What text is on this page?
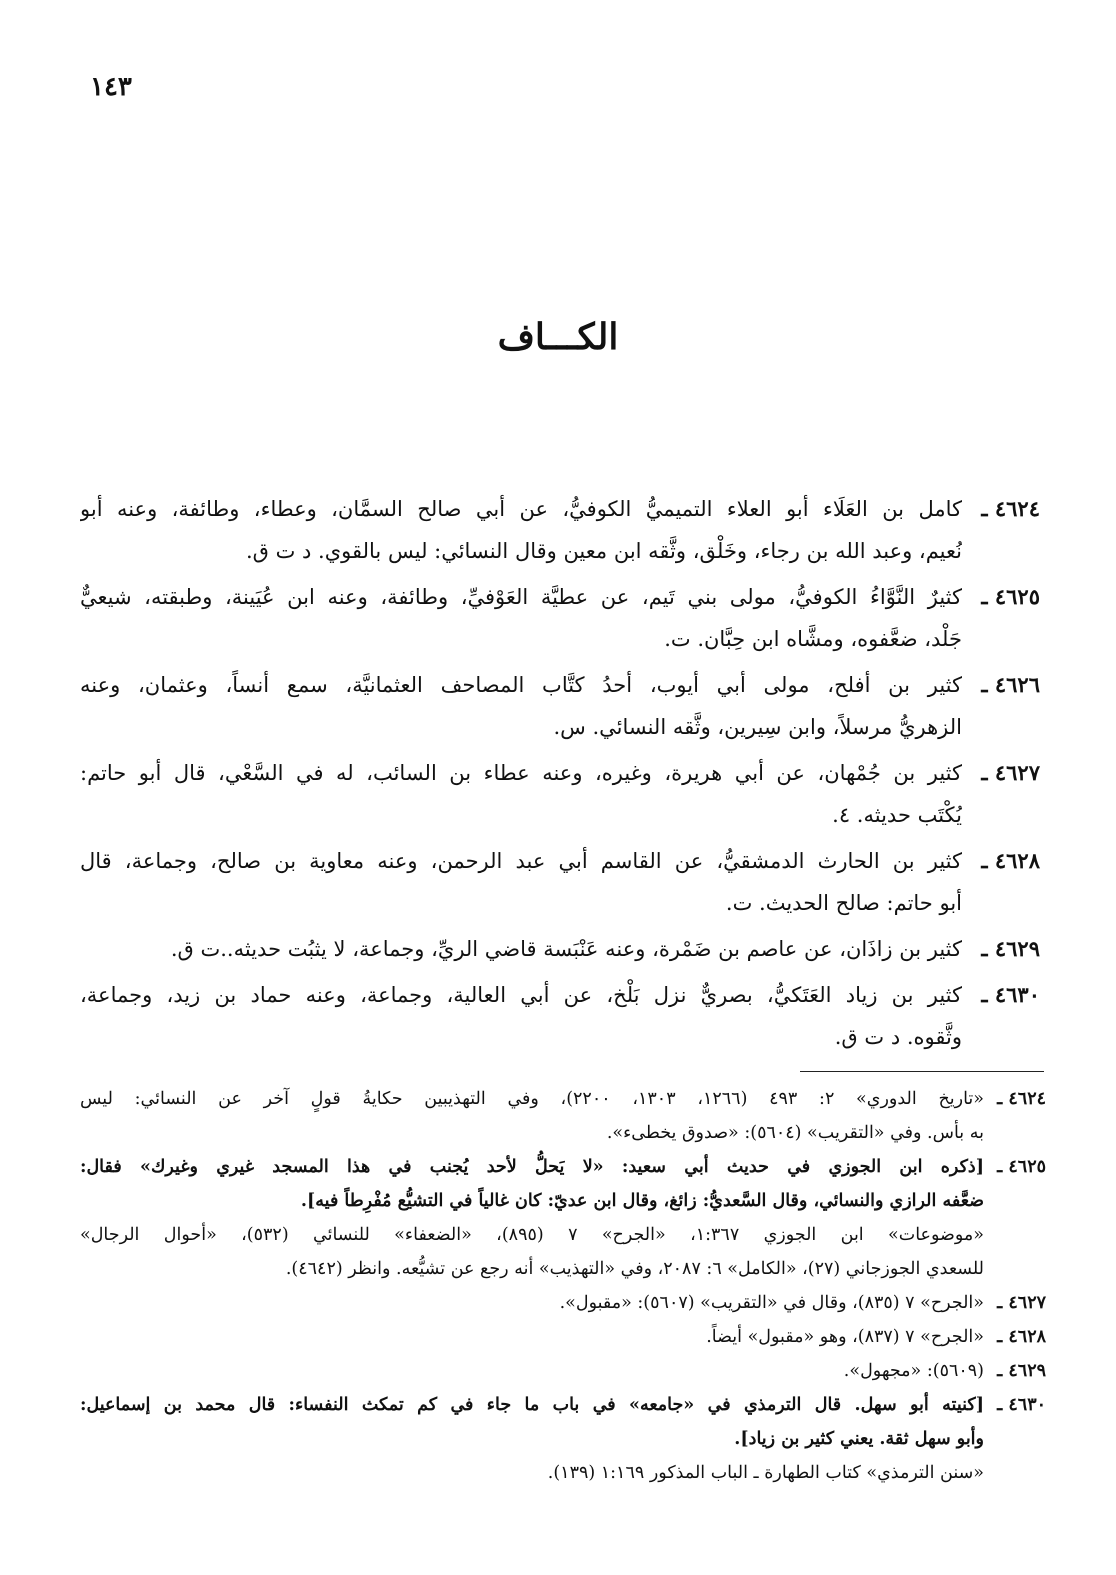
١٤٣
الكـــاف
٤٦٢٤ ـ
كامل بن العَلَاء أبو العلاء التميميُّ الكوفيُّ، عن أبي صالح السمَّان، وعطاء، وطائفة، وعنه أبو
نُعيم، وعبد الله بن رجاء، وخَلْق، وثَّقه ابن معين وقال النسائي: ليس بالقوي. د ت ق.
٤٦٢٥ ـ
كثيرٌ النَّوَّاءُ الكوفيُّ، مولى بني تَيم، عن عطيَّة العَوْفيِّ، وطائفة، وعنه ابن عُيَينة، وطبقته، شيعيٌّ
جَلْد، ضعَّفوه، ومشَّاه ابن حِبَّان. ت.
٤٦٢٦ ـ
كثير بن أفلح، مولى أبي أيوب، أحدُ كتَّاب المصاحف العثمانيَّة، سمع أنساً، وعثمان، وعنه
الزهريُّ مرسلاً، وابن سِيرين، وثَّقه النسائي. س.
٤٦٢٧ ـ
كثير بن جُمْهان، عن أبي هريرة، وغيره، وعنه عطاء بن السائب، له في السَّعْي، قال أبو حاتم:
يُكْتَب حديثه. ٤.
٤٦٢٨ ـ
كثير بن الحارث الدمشقيُّ، عن القاسم أبي عبد الرحمن، وعنه معاوية بن صالح، وجماعة، قال
أبو حاتم: صالح الحديث. ت.
٤٦٢٩ ـ
كثير بن زاذَان، عن عاصم بن ضَمْرة، وعنه عَنْبَسة قاضي الريِّ، وجماعة، لا يثبُت حديثه..ت ق.
٤٦٣٠ ـ
كثير بن زياد العَتَكيُّ، بصريٌّ نزل بَلْخ، عن أبي العالية، وجماعة، وعنه حماد بن زيد، وجماعة،
وثَّقوه. د ت ق.
٤٦٢٤ ـ
«تاريخ الدوري» ٢: ٤٩٣ (١٢٦٦، ١٣٠٣، ٢٢٠٠)، وفي التهذيبين حكايةُ قولٍ آخر عن النسائي: ليس
به بأس. وفي «التقريب» (٥٦٠٤): «صدوق يخطىء».
٤٦٢٥ ـ
[ذكره ابن الجوزي في حديث أبي سعيد: «لا يَحلُّ لأحد يُجنب في هذا المسجد غيري وغيرك» فقال:
ضعَّفه الرازي والنسائي، وقال السَّعديُّ: زائغ، وقال ابن عديّ: كان غالياً في التشيُّع مُفْرِطاً فيه].
«موضوعات» ابن الجوزي ١:٣٦٧، «الجرح» ٧ (٨٩٥)، «الضعفاء» للنسائي (٥٣٢)، «أحوال الرجال»
للسعدي الجوزجاني (٢٧)، «الكامل» ٦: ٢٠٨٧، وفي «التهذيب» أنه رجع عن تشيُّعه. وانظر (٤٦٤٢).
٤٦٢٧ ـ
«الجرح» ٧ (٨٣٥)، وقال في «التقريب» (٥٦٠٧): «مقبول».
٤٦٢٨ ـ
«الجرح» ٧ (٨٣٧)، وهو «مقبول» أيضاً.
٤٦٢٩ ـ
(٥٦٠٩): «مجهول».
٤٦٣٠ ـ
[كنيته أبو سهل. قال الترمذي في «جامعه» في باب ما جاء في كم تمكث النفساء: قال محمد بن إسماعيل:
وأبو سهل ثقة. يعني كثير بن زياد].
«سنن الترمذي» كتاب الطهارة ـ الباب المذكور ١:١٦٩ (١٣٩).
